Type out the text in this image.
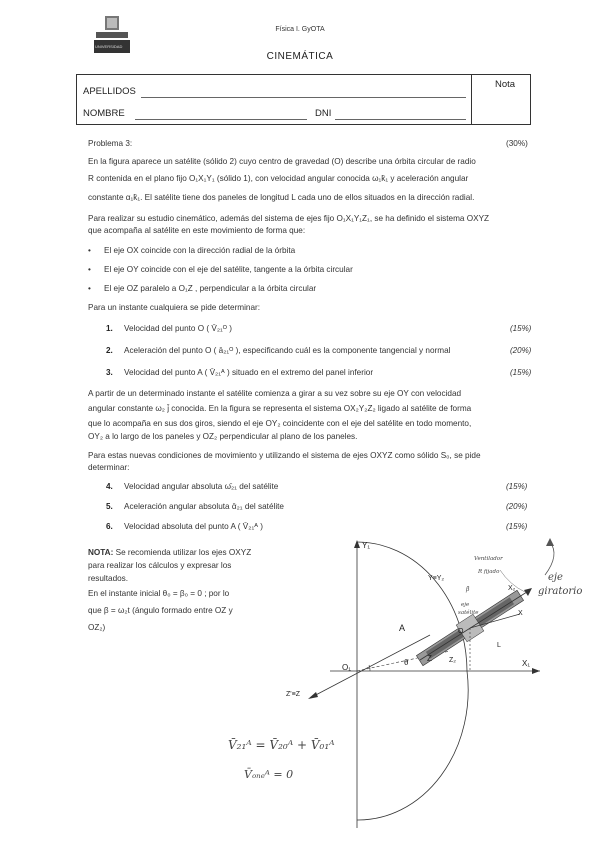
UNIVERSIDAD
Física I. GyOTA
CINEMÁTICA
APELLIDOS
NOMBRE	DNI
Nota
Problema 3:	(30%)
En la figura aparece un satélite (sólido 2) cuyo centro de gravedad (O) describe una órbita circular de radio
R contenida en el plano fijo O₁X₁Y₁ (sólido 1), con velocidad angular conocida ω₁k̄₁ y aceleración angular
constante α₁k̄₁. El satélite tiene dos paneles de longitud L cada uno de ellos situados en la dirección radial.
Para realizar su estudio cinemático, además del sistema de ejes fijo O₁X₁Y₁Z₁, se ha definido el sistema OXYZ
que acompaña al satélite en este movimiento de forma que:
• El eje OX coincide con la dirección radial de la órbita
• El eje OY coincide con el eje del satélite, tangente a la órbita circular
• El eje OZ paralelo a O₁Z , perpendicular a la órbita circular
Para un instante cualquiera se pide determinar:
1. Velocidad del punto O ( V̄₂₁ᴼ )	(15%)
2. Aceleración del punto O ( ā₂₁ᴼ ), especificando cuál es la componente tangencial y normal	(20%)
3. Velocidad del punto A ( V̄₂₁ᴬ ) situado en el extremo del panel inferior	(15%)
A partir de un determinado instante el satélite comienza a girar a su vez sobre su eje OY con velocidad
angular constante ω₂ j̄ conocida. En la figura se representa el sistema OX₂Y₂Z₂ ligado al satélite de forma
que lo acompaña en sus dos giros, siendo el eje OY₂ coincidente con el eje del satélite en todo momento,
OY₂ a lo largo de los paneles y OZ₂ perpendicular al plano de los paneles.
Para estas nuevas condiciones de movimiento y utilizando el sistema de ejes OXYZ como sólido S₀, se pide
determinar:
4. Velocidad angular absoluta ω̄₂₁ del satélite	(15%)
5. Aceleración angular absoluta ᾱ₂₁ del satélite	(20%)
6. Velocidad absoluta del punto A ( V̄₂₁ᴬ )	(15%)
NOTA: Se recomienda utilizar los ejes OXYZ
para realizar los cálculos y expresar los
resultados.
En el instante inicial θ₀ = β₀ = 0 ; por lo
que β = ω₂t (ángulo formado entre OZ y
OZ₂)
Y₁
X₁
O₁
A
θ Z Z₂
O
Z'≡Z
Y≡Y₂
X
X₂
L
eje
giratorio
Ventilador
R fijado
β
eje
satélite
V̄₂₁ᴬ = V̄₂₀ᴬ + V̄₀₁ᴬ
V̄ₒₙₑᴬ = 0
